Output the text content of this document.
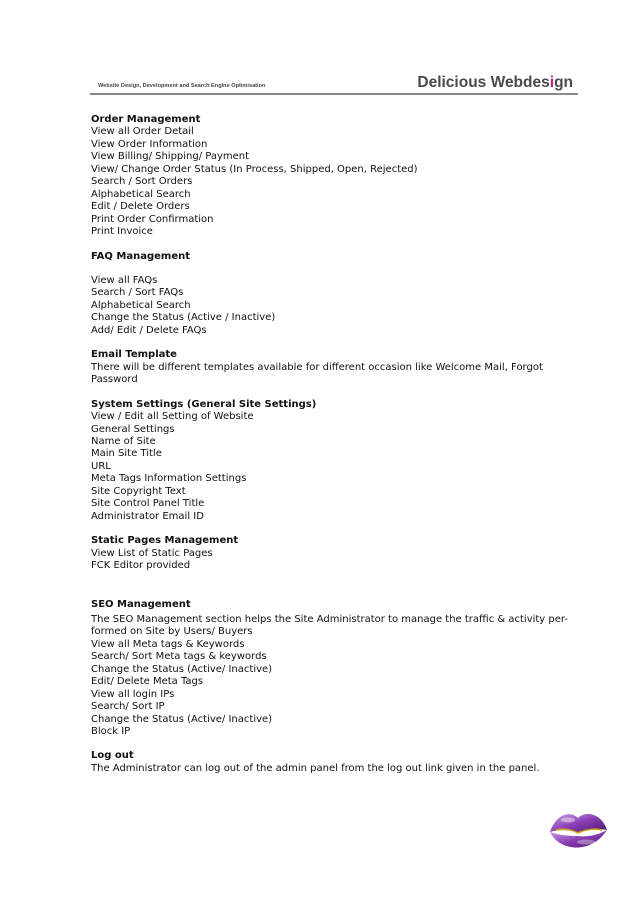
Website Design, Development and Search Engine Optimisation	Delicious Webdesign
Order Management
View all Order Detail
View Order Information
View Billing/ Shipping/ Payment
View/ Change Order Status (In Process, Shipped, Open, Rejected)
Search / Sort Orders
Alphabetical Search
Edit / Delete Orders
Print Order Confirmation
Print Invoice
FAQ Management
View all FAQs
Search / Sort FAQs
Alphabetical Search
Change the Status (Active / Inactive)
Add/ Edit / Delete FAQs
Email Template
There will be different templates available for different occasion like Welcome Mail, Forgot
Password
System Settings (General Site Settings)
View / Edit all Setting of Website
General Settings
Name of Site
Main Site Title
URL
Meta Tags Information Settings
Site Copyright Text
Site Control Panel Title
Administrator Email ID
Static Pages Management
View List of Static Pages
FCK Editor provided
SEO Management
The SEO Management section helps the Site Administrator to manage the traffic & activity per-
formed on Site by Users/ Buyers
View all Meta tags & Keywords
Search/ Sort Meta tags & keywords
Change the Status (Active/ Inactive)
Edit/ Delete Meta Tags
View all login IPs
Search/ Sort IP
Change the Status (Active/ Inactive)
Block IP
Log out
The Administrator can log out of the admin panel from the log out link given in the panel.
